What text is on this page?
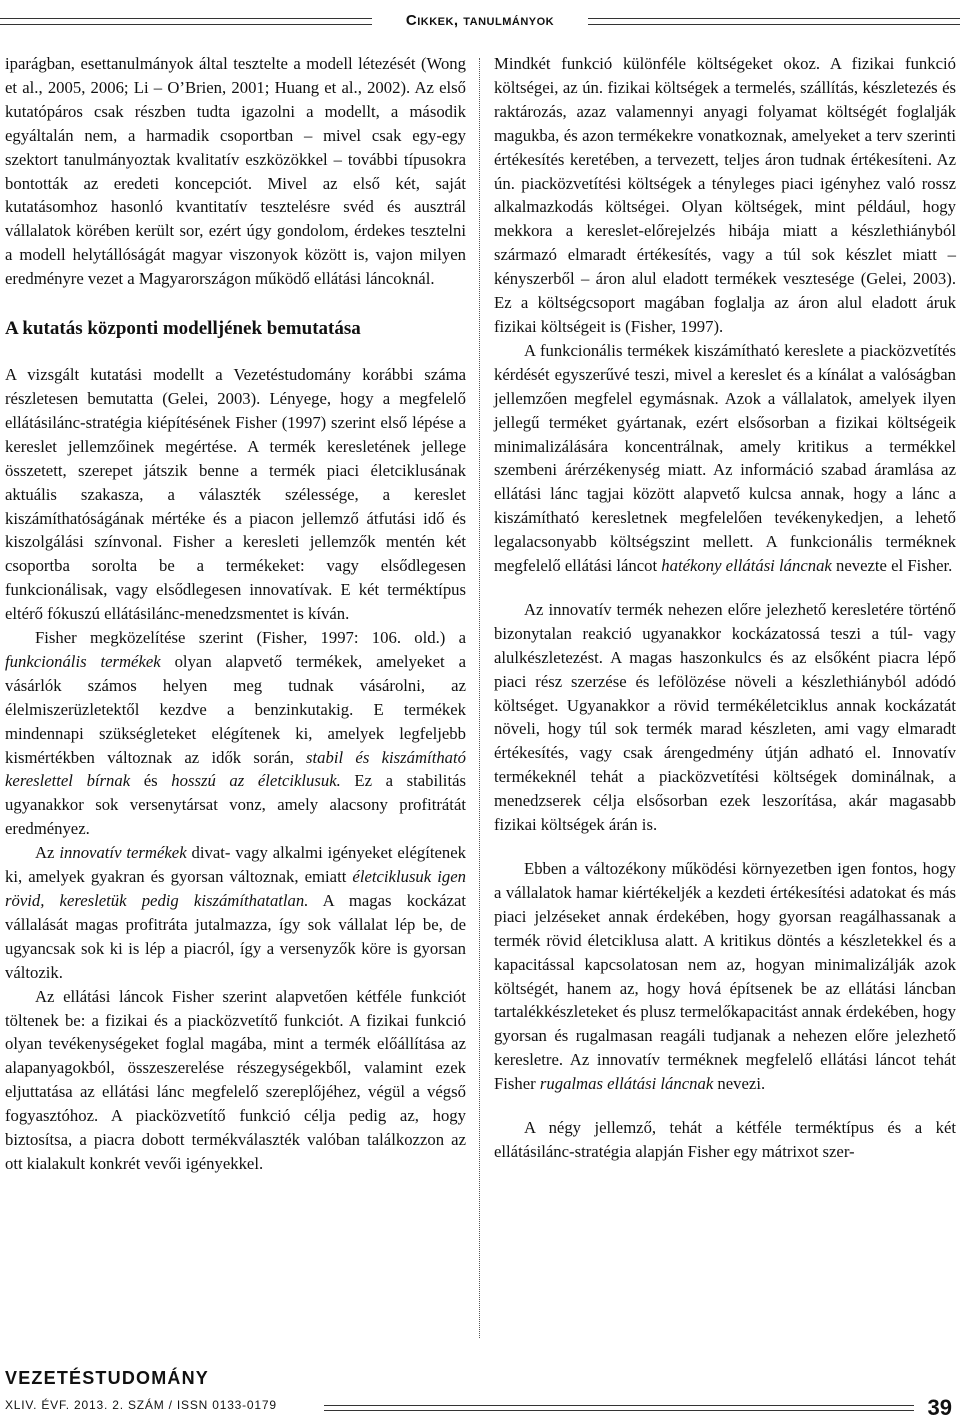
Cikkek, tanulmányok

iparágban, esettanulmányok által tesztelte a modell létezését (Wong et al., 2005, 2006; Li – O’Brien, 2001; Huang et al., 2002). Az első kutatópáros csak részben tudta igazolni a modellt, a második egyáltalán nem, a harmadik csoportban – mivel csak egy-egy szektort tanulmányoztak kvalitatív eszközökkel – további típusokra bontották az eredeti koncepciót. Mivel az első két, saját kutatásomhoz hasonló kvantitatív tesztelésre svéd és ausztrál vállalatok körében került sor, ezért úgy gondolom, érdekes tesztelni a modell helytállóságát magyar viszonyok között is, vajon milyen eredményre vezet a Magyarországon működő ellátási láncoknál.

A kutatás központi modelljének bemutatása

A vizsgált kutatási modellt a Vezetéstudomány korábbi száma részletesen bemutatta (Gelei, 2003). Lényege, hogy a megfelelő ellátásilánc-stratégia kiépítésének Fisher (1997) szerint első lépése a kereslet jellemzőinek megértése. A termék keresletének jellege összetett, szerepet játszik benne a termék piaci életciklusának aktuális szakasza, a választék szélessége, a kereslet kiszámíthatóságának mértéke és a piacon jellemző átfutási idő és kiszolgálási színvonal. Fisher a keresleti jellemzők mentén két csoportba sorolta be a termékeket: vagy elsődlegesen funkcionálisak, vagy elsődlegesen innovatívak. E két terméktípus eltérő fókuszú ellátásilánc-menedzsmentet is kíván.

Fisher megközelítése szerint (Fisher, 1997: 106. old.) a funkcionális termékek olyan alapvető termékek, amelyeket a vásárlók számos helyen meg tudnak vásárolni, az élelmiszerüzletektől kezdve a benzinkutakig. E termékek mindennapi szükségleteket elégítenek ki, amelyek legfeljebb kismértékben változnak az idők során, stabil és kiszámítható kereslettel bírnak és hosszú az életciklusuk. Ez a stabilitás ugyanakkor sok versenytársat vonz, amely alacsony profitrátát eredményez.

Az innovatív termékek divat- vagy alkalmi igényeket elégítenek ki, amelyek gyakran és gyorsan változnak, emiatt életciklusuk igen rövid, keresletük pedig kiszámíthatatlan. A magas kockázat vállalását magas profitráta jutalmazza, így sok vállalat lép be, de ugyancsak sok ki is lép a piacról, így a versenyzők köre is gyorsan változik.

Az ellátási láncok Fisher szerint alapvetően kétféle funkciót töltenek be: a fizikai és a piacközvetítő funkciót. A fizikai funkció olyan tevékenységeket foglal magába, mint a termék előállítása az alapanyagokból, összeszerelése részegységekből, valamint ezek eljuttatása az ellátási lánc megfelelő szereplőjéhez, végül a végső fogyasztóhoz. A piacközvetítő funkció célja pedig az, hogy biztosítsa, a piacra dobott termékválaszték valóban találkozzon az ott kialakult konkrét vevői igényekkel.

Mindkét funkció különféle költségeket okoz. A fizikai funkció költségei, az ún. fizikai költségek a termelés, szállítás, készletezés és raktározás, azaz valamennyi anyagi folyamat költségét foglalják magukba, és azon termékekre vonatkoznak, amelyeket a terv szerinti értékesítés keretében, a tervezett, teljes áron tudnak értékesíteni. Az ún. piacközvetítési költségek a tényleges piaci igényhez való rossz alkalmazkodás költségei. Olyan költségek, mint például, hogy mekkora a kereslet-előrejelzés hibája miatt a készlethiányból származó elmaradt értékesítés, vagy a túl sok készlet miatt – kényszerből – áron alul eladott termékek vesztesége (Gelei, 2003). Ez a költségcsoport magában foglalja az áron alul eladott áruk fizikai költségeit is (Fisher, 1997).

A funkcionális termékek kiszámítható kereslete a piacközvetítés kérdését egyszerűvé teszi, mivel a kereslet és a kínálat a valóságban jellemzően megfelel egymásnak. Azok a vállalatok, amelyek ilyen jellegű terméket gyártanak, ezért elsősorban a fizikai költségeik minimalizálására koncentrálnak, amely kritikus a termékkel szembeni árérzékenység miatt. Az információ szabad áramlása az ellátási lánc tagjai között alapvető kulcsa annak, hogy a lánc a kiszámítható keresletnek megfelelően tevékenykedjen, a lehető legalacsonyabb költségszint mellett. A funkcionális terméknek megfelelő ellátási láncot hatékony ellátási láncnak nevezte el Fisher.

Az innovatív termék nehezen előre jelezhető keresletére történő bizonytalan reakció ugyanakkor kockázatossá teszi a túl- vagy alulkészletezést. A magas haszonkulcs és az elsőként piacra lépő piaci rész szerzése és lefölözése növeli a készlethiányból adódó költséget. Ugyanakkor a rövid termékéletciklus annak kockázatát növeli, hogy túl sok termék marad készleten, ami vagy elmaradt értékesítés, vagy csak árengedmény útján adható el. Innovatív termékeknél tehát a piacközvetítési költségek dominálnak, a menedzserek célja elsősorban ezek leszorítása, akár magasabb fizikai költségek árán is.

Ebben a változékony működési környezetben igen fontos, hogy a vállalatok hamar kiértékeljék a kezdeti értékesítési adatokat és más piaci jelzéseket annak érdekében, hogy gyorsan reagálhassanak a termék rövid életciklusa alatt. A kritikus döntés a készletekkel és a kapacitással kapcsolatosan nem az, hogyan minimalizálják azok költségét, hanem az, hogy hová építsenek be az ellátási láncban tartalékkészleteket és plusz termelőkapacitást annak érdekében, hogy gyorsan és rugalmasan reagáli tudjanak a nehezen előre jelezhető keresletre. Az innovatív terméknek megfelelő ellátási láncot tehát Fisher rugalmas ellátási láncnak nevezi.

A négy jellemző, tehát a kétféle terméktípus és a két ellátásilánc-stratégia alapján Fisher egy mátrixot szer-

VEZETÉSTUDOMÁNY
XLIV. ÉVF. 2013. 2. SZÁM / ISSN 0133-0179	39
